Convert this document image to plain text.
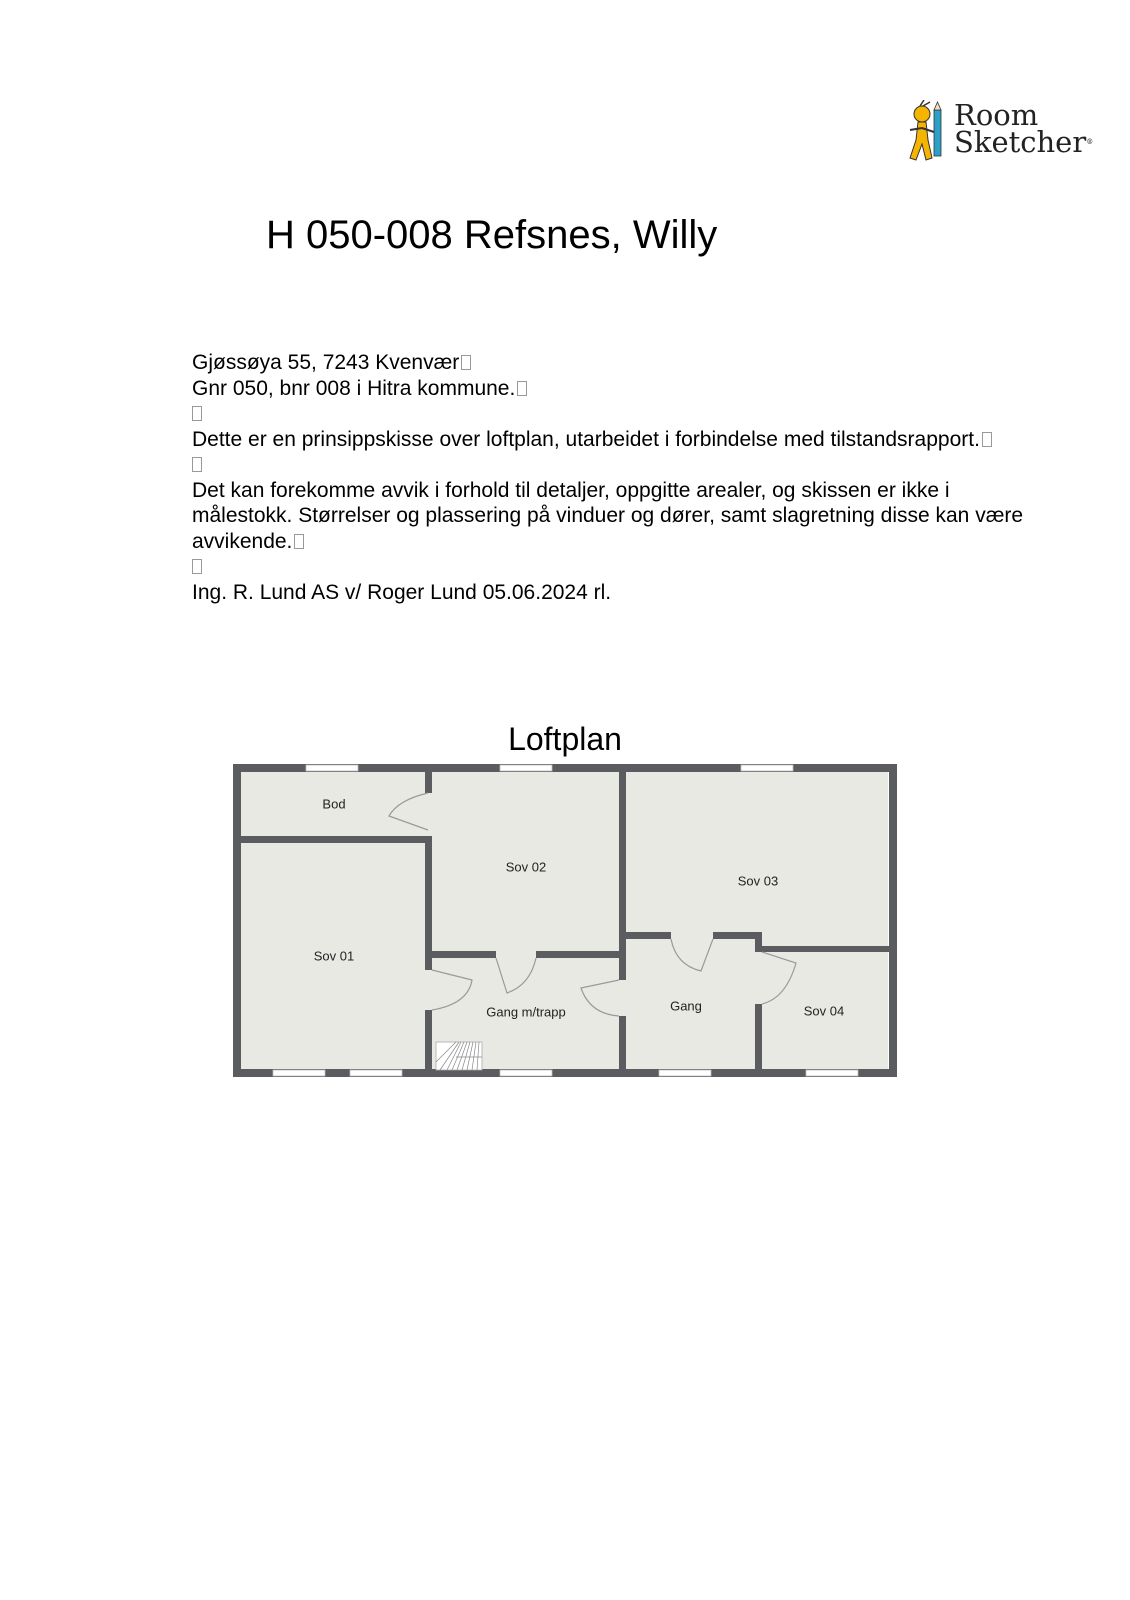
Room
Sketcher®
H 050-008 Refsnes, Willy

Gjøssøya 55, 7243 Kvenvær

Gnr 050, bnr 008 i Hitra kommune.

Dette er en prinsippskisse over loftplan, utarbeidet i forbindelse med tilstandsrapport.

Det kan forekomme avvik i forhold til detaljer, oppgitte arealer, og skissen er ikke i målestokk. Størrelser og plassering på vinduer og dører, samt slagretning disse kan være avvikende.

Ing. R. Lund AS v/ Roger Lund 05.06.2024 rl.

Loftplan
Bod
Sov 01
Sov 02
Sov 03
Gang m/trapp	Gang	Sov 04
